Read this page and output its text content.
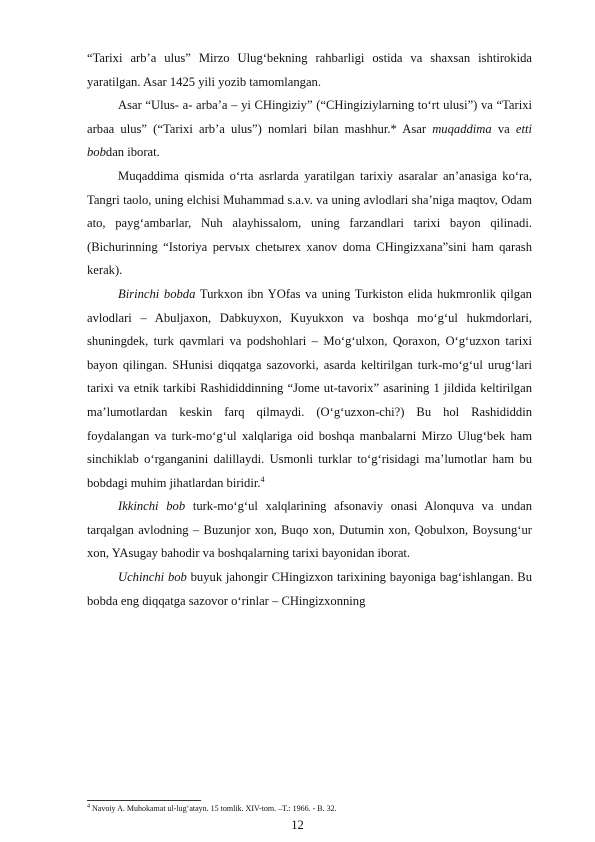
“Tarixi arb’a ulus” Mirzo Ulug‘bekning rahbarligi ostida va shaxsan ishtirokida yaratilgan. Asar 1425 yili yozib tamomlangan.

Asar “Ulus- a- arba’a – yi CHingiziy” (“CHingiziylarning to‘rt ulusi”) va “Tarixi arbaa ulus” (“Tarixi arb’a ulus”) nomlari bilan mashhur.* Asar muqaddima va etti bobdan iborat.

Muqaddima qismida o‘rta asrlarda yaratilgan tarixiy asaralar an’anasiga ko‘ra, Tangri taolo, uning elchisi Muhammad s.a.v. va uning avlodlari sha’niga maqtov, Odam ato, payg‘ambarlar, Nuh alayhissalom, uning farzandlari tarixi bayon qilinadi. (Bichurinning “Istoriya pervыx chetыrex xanov doma CHingizxana”sini ham qarash kerak).

Birinchi bobda Turkxon ibn YOfas va uning Turkiston elida hukmronlik qilgan avlodlari – Abuljaxon, Dabkuyxon, Kuyukxon va boshqa mo‘g‘ul hukmdorlari, shuningdek, turk qavmlari va podshohlari – Mo‘g‘ulxon, Qoraxon, O‘g‘uzxon tarixi bayon qilingan. SHunisi diqqatga sazovorki, asarda keltirilgan turk-mo‘g‘ul urug‘lari tarixi va etnik tarkibi Rashididdinning “Jome ut-tavorix” asarining 1 jildida keltirilgan ma’lumotlardan keskin farq qilmaydi. (O‘g‘uzxon-chi?) Bu hol Rashididdin foydalangan va turk-mo‘g‘ul xalqlariga oid boshqa manbalarni Mirzo Ulug‘bek ham sinchiklab o‘rganganini dalillaydi. Usmonli turklar to‘g‘risidagi ma’lumotlar ham bu bobdagi muhim jihatlardan biridir.$^4$

Ikkinchi bob turk-mo‘g‘ul xalqlarining afsonaviy onasi Alonquva va undan tarqalgan avlodning – Buzunjor xon, Buqo xon, Dutumin xon, Qobulxon, Boysung‘ur xon, YAsugay bahodir va boshqalarning tarixi bayonidan iborat.

Uchinchi bob buyuk jahongir CHingizxon tarixining bayoniga bag‘ishlangan. Bu bobda eng diqqatga sazovor o‘rinlar – CHingizxonning

$^4$ Navoiy A. Muhokamat ul-lug‘atayn. 15 tomlik. XIV-tom. –T.: 1966. - B. 32.
12
